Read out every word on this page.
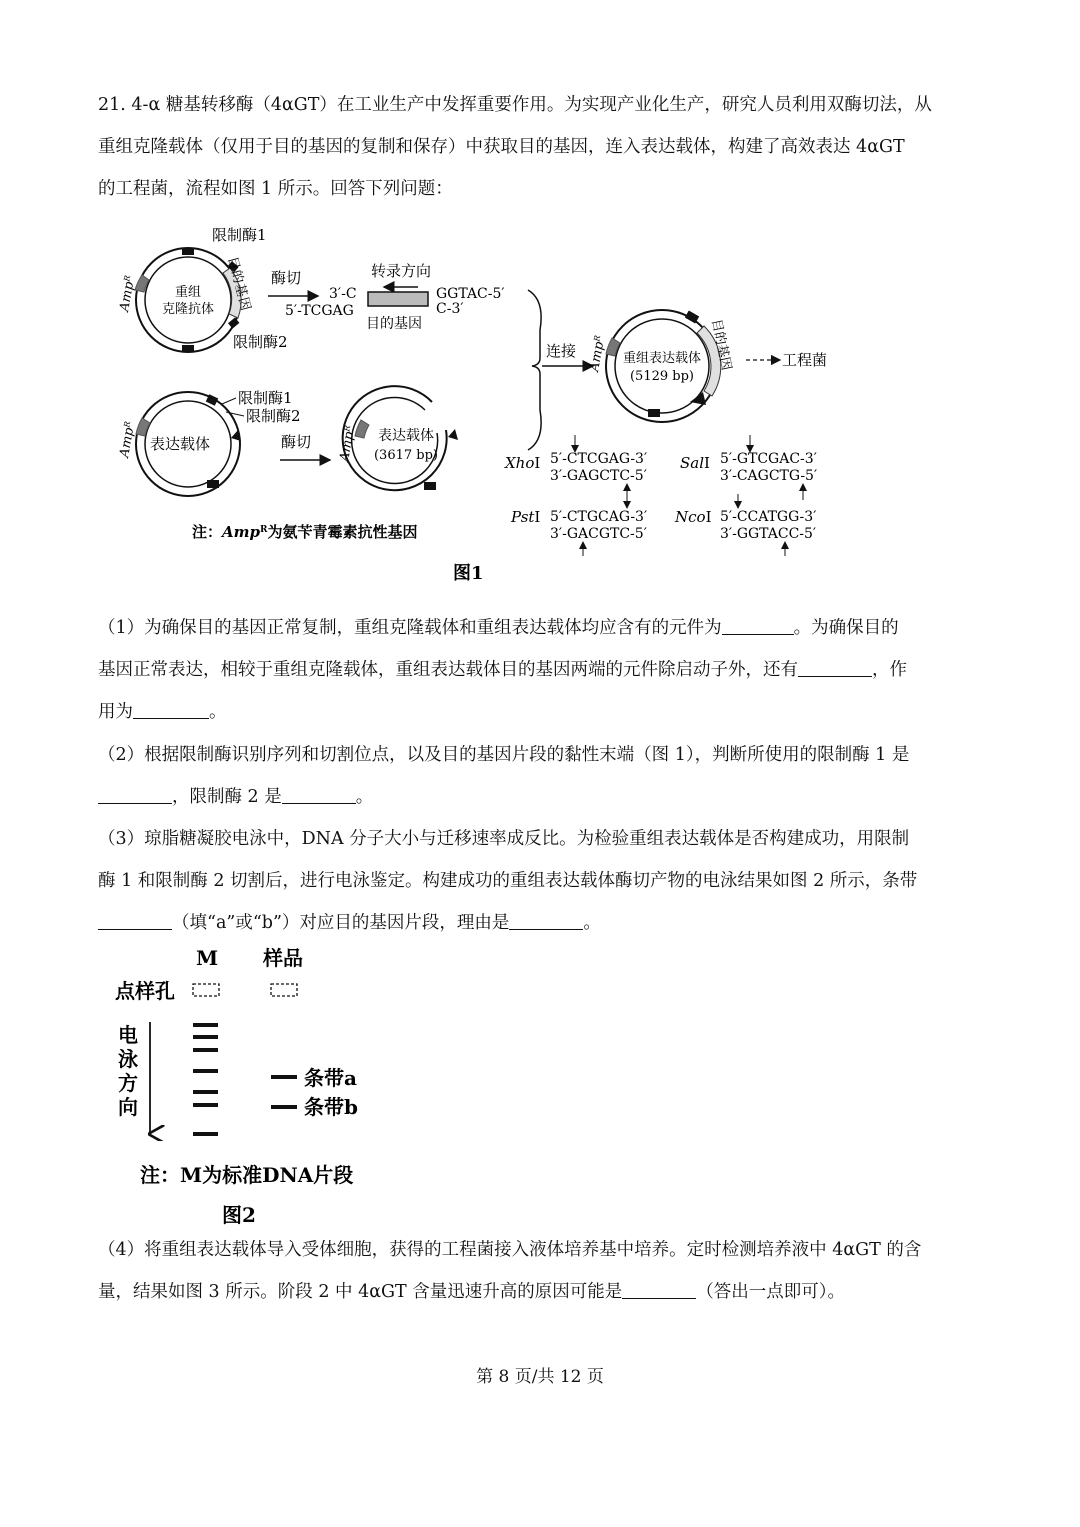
21. 4-α 糖基转移酶（4αGT）在工业生产中发挥重要作用。为实现产业化生产，研究人员利用双酶切法，从
重组克隆载体（仅用于目的基因的复制和保存）中获取目的基因，连入表达载体，构建了高效表达 4αGT
的工程菌，流程如图 1 所示。回答下列问题：
重组
克隆抗体
Amp$^R$	目的基因
限制酶1
限制酶2
酶切	转录方向
3′-C
5′-TCGAG
GGTAC-5′
C-3′
目的基因
连接	重组表达载体
(5129 bp)
Amp$^R$	目的基因	工程菌
表达载体
Amp$^R$
限制酶1
限制酶2
酶切	表达载体
(3617 bp)
Amp$^R$
XhoⅠ 5′-CTCGAG-3′
3′-GAGCTC-5′
SalⅠ 5′-GTCGAC-3′
3′-CAGCTG-5′
PstⅠ 5′-CTGCAG-3′
3′-GACGTC-5′
NcoⅠ 5′-CCATGG-3′
3′-GGTACC-5′
注：Amp$^R$为氨苄青霉素抗性基因
图1
（1）为确保目的基因正常复制，重组克隆载体和重组表达载体均应含有的元件为	。为确保目的
基因正常表达，相较于重组克隆载体，重组表达载体目的基因两端的元件除启动子外，还有	，作
用为	。
（2）根据限制酶识别序列和切割位点，以及目的基因片段的黏性末端（图 1），判断所使用的限制酶 1 是
，限制酶 2 是	。
（3）琼脂糖凝胶电泳中，DNA 分子大小与迁移速率成反比。为检验重组表达载体是否构建成功，用限制
酶 1 和限制酶 2 切割后，进行电泳鉴定。构建成功的重组表达载体酶切产物的电泳结果如图 2 所示，条带
（填“a”或“b”）对应目的基因片段，理由是	。
M 样品
点样孔
电
泳
方
向
条带a
条带b
注：M为标准DNA片段
图2
（4）将重组表达载体导入受体细胞，获得的工程菌接入液体培养基中培养。定时检测培养液中 4αGT 的含
量，结果如图 3 所示。阶段 2 中 4αGT 含量迅速升高的原因可能是	（答出一点即可）。
第 8 页/共 12 页
